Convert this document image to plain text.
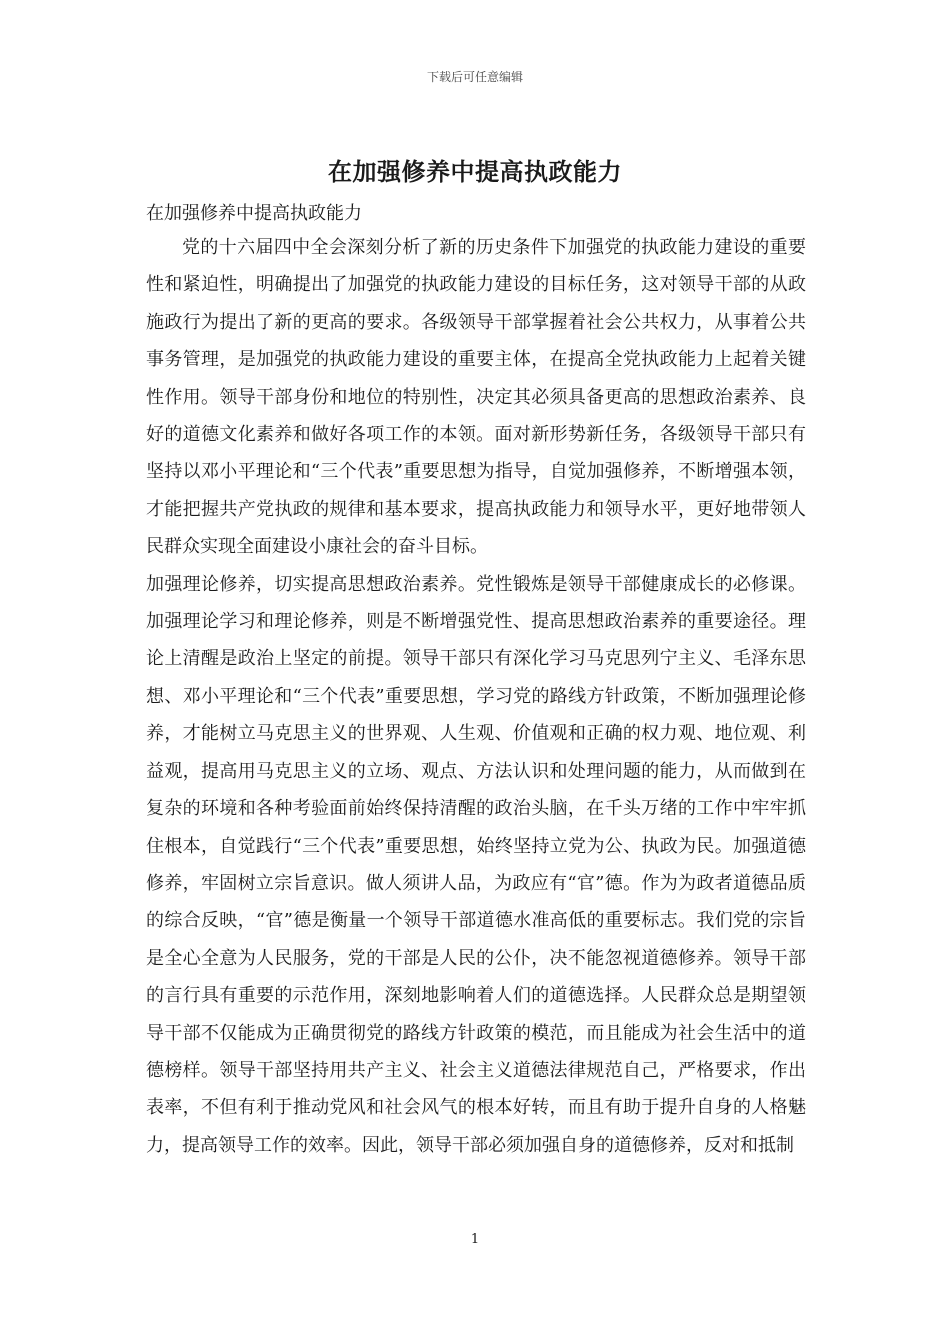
下载后可任意编辑
在加强修养中提高执政能力
在加强修养中提高执政能力

党的十六届四中全会深刻分析了新的历史条件下加强党的执政能力建设的重要性和紧迫性，明确提出了加强党的执政能力建设的目标任务，这对领导干部的从政施政行为提出了新的更高的要求。各级领导干部掌握着社会公共权力，从事着公共事务管理，是加强党的执政能力建设的重要主体，在提高全党执政能力上起着关键性作用。领导干部身份和地位的特别性，决定其必须具备更高的思想政治素养、良好的道德文化素养和做好各项工作的本领。面对新形势新任务，各级领导干部只有坚持以邓小平理论和“三个代表”重要思想为指导，自觉加强修养，不断增强本领，才能把握共产党执政的规律和基本要求，提高执政能力和领导水平，更好地带领人民群众实现全面建设小康社会的奋斗目标。

加强理论修养，切实提高思想政治素养。党性锻炼是领导干部健康成长的必修课。加强理论学习和理论修养，则是不断增强党性、提高思想政治素养的重要途径。理论上清醒是政治上坚定的前提。领导干部只有深化学习马克思列宁主义、毛泽东思想、邓小平理论和“三个代表”重要思想，学习党的路线方针政策，不断加强理论修养，才能树立马克思主义的世界观、人生观、价值观和正确的权力观、地位观、利益观，提高用马克思主义的立场、观点、方法认识和处理问题的能力，从而做到在复杂的环境和各种考验面前始终保持清醒的政治头脑，在千头万绪的工作中牢牢抓住根本，自觉践行“三个代表”重要思想，始终坚持立党为公、执政为民。加强道德修养，牢固树立宗旨意识。做人须讲人品，为政应有“官”德。作为为政者道德品质的综合反映，“官”德是衡量一个领导干部道德水准高低的重要标志。我们党的宗旨是全心全意为人民服务，党的干部是人民的公仆，决不能忽视道德修养。领导干部的言行具有重要的示范作用，深刻地影响着人们的道德选择。人民群众总是期望领导干部不仅能成为正确贯彻党的路线方针政策的模范，而且能成为社会生活中的道德榜样。领导干部坚持用共产主义、社会主义道德法律规范自己，严格要求，作出表率，不但有利于推动党风和社会风气的根本好转，而且有助于提升自身的人格魅力，提高领导工作的效率。因此，领导干部必须加强自身的道德修养，反对和抵制

1
